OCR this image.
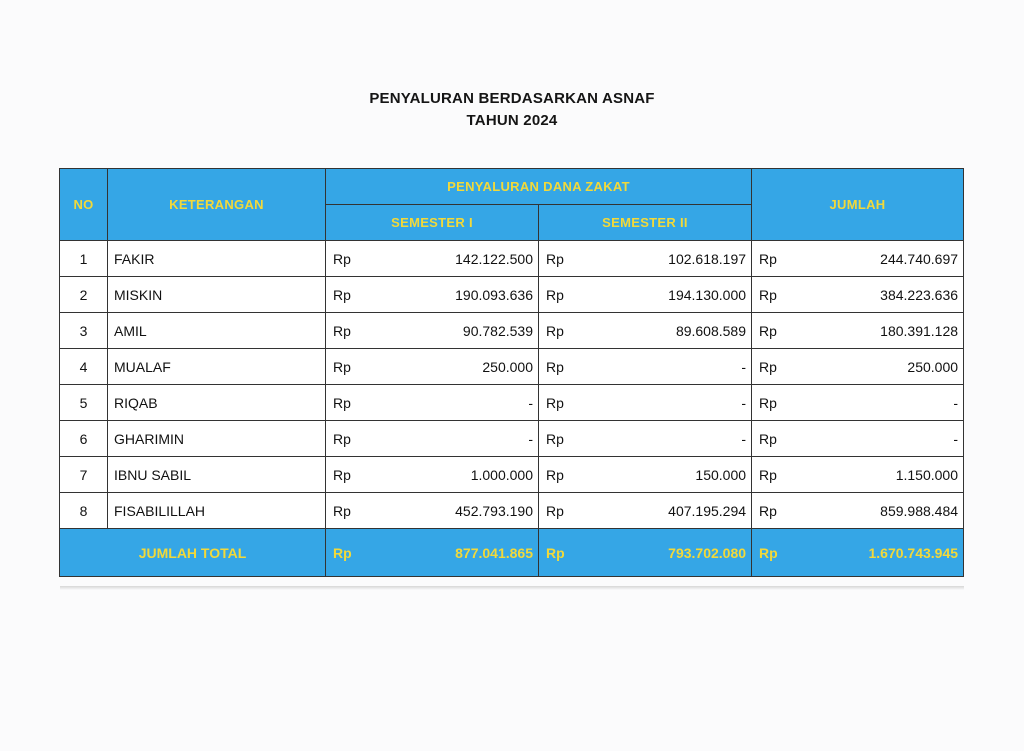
PENYALURAN BERDASARKAN ASNAF
TAHUN 2024
NO	KETERANGAN	PENYALURAN DANA ZAKAT				JUMLAH	
		SEMESTER I		SEMESTER II			
1	FAKIR	Rp	142.122.500	Rp	102.618.197	Rp	244.740.697
2	MISKIN	Rp	190.093.636	Rp	194.130.000	Rp	384.223.636
3	AMIL	Rp	90.782.539	Rp	89.608.589	Rp	180.391.128
4	MUALAF	Rp	250.000	Rp	-	Rp	250.000
5	RIQAB	Rp	-	Rp	-	Rp	-
6	GHARIMIN	Rp	-	Rp	-	Rp	-
7	IBNU SABIL	Rp	1.000.000	Rp	150.000	Rp	1.150.000
8	FISABILILLAH	Rp	452.793.190	Rp	407.195.294	Rp	859.988.484
JUMLAH TOTAL		Rp	877.041.865	Rp	793.702.080	Rp	1.670.743.945
